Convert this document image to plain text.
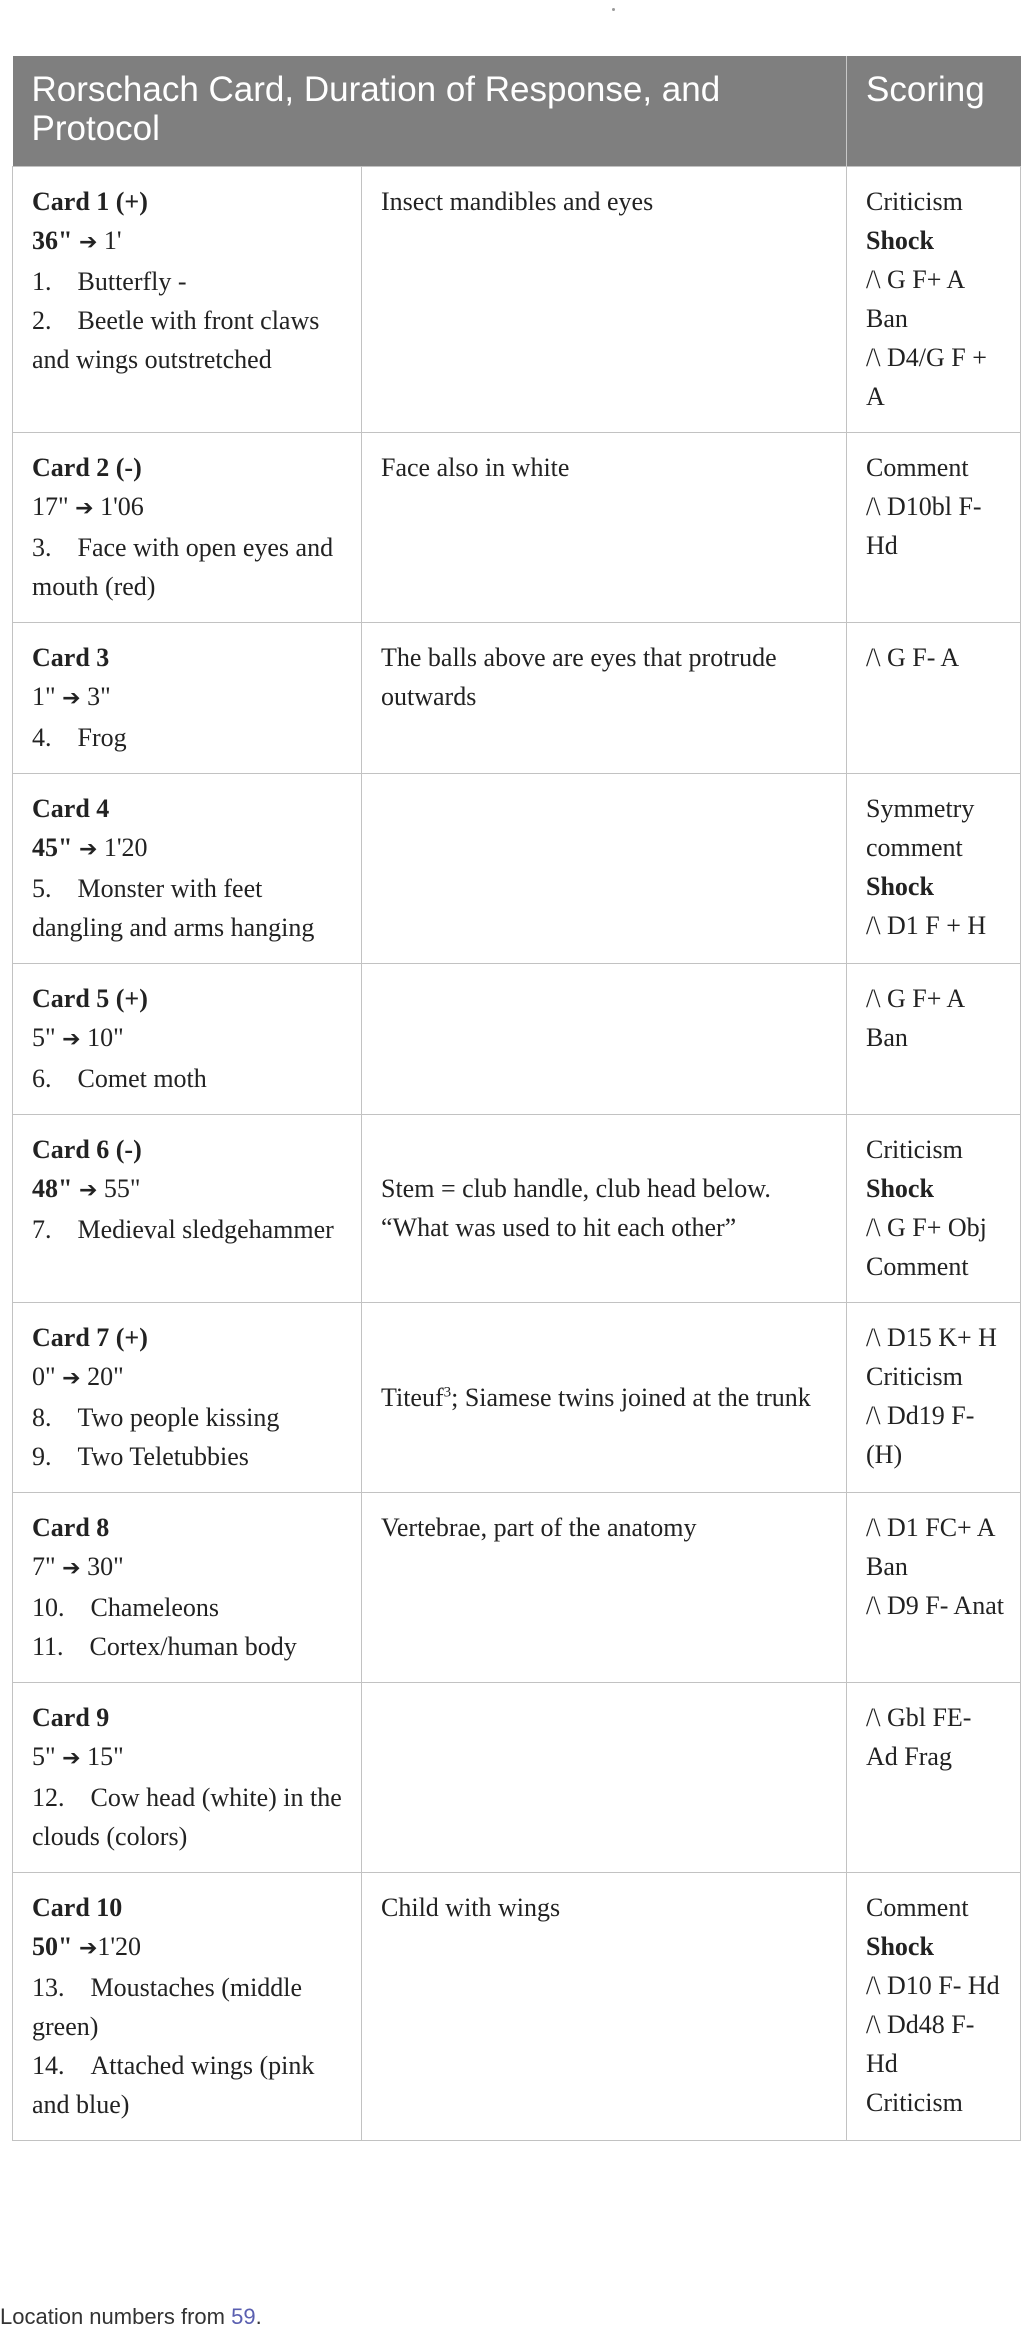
Rorschach Card, Duration of Response, and Protocol		Scoring

Card 1 (+)
36" ➔ 1'
1. Butterfly -
2. Beetle with front claws and wings outstretched	Insect mandibles and eyes	Criticism
Shock
/\ G F+ A Ban
/\ D4/G F + A

Card 2 (-)
17" ➔ 1'06
3. Face with open eyes and mouth (red)	Face also in white	Comment
/\ D10bl F- Hd

Card 3
1" ➔ 3"
4. Frog	The balls above are eyes that protrude outwards	/\ G F- A

Card 4
45" ➔ 1'20
5. Monster with feet dangling and arms hanging		Symmetry comment
Shock
/\ D1 F + H

Card 5 (+)
5" ➔ 10"
6. Comet moth		/\ G F+ A Ban

Card 6 (-)
48" ➔ 55"
7. Medieval sledgehammer	Stem = club handle, club head below. “What was used to hit each other”	Criticism
Shock
/\ G F+ Obj
Comment

Card 7 (+)
0" ➔ 20"
8. Two people kissing
9. Two Teletubbies	Titeuf$^3$; Siamese twins joined at the trunk	/\ D15 K+ H
Criticism
/\ Dd19 F- (H)

Card 8
7" ➔ 30"
10. Chameleons
11. Cortex/human body	Vertebrae, part of the anatomy	/\ D1 FC+ A Ban
/\ D9 F- Anat

Card 9
5" ➔ 15"
12. Cow head (white) in the clouds (colors)		/\ Gbl FE- Ad Frag

Card 10
50" ➔1'20
13. Moustaches (middle green)
14. Attached wings (pink and blue)	Child with wings	Comment
Shock
/\ D10 F- Hd
/\ Dd48 F- Hd
Criticism
Location numbers from 59.
